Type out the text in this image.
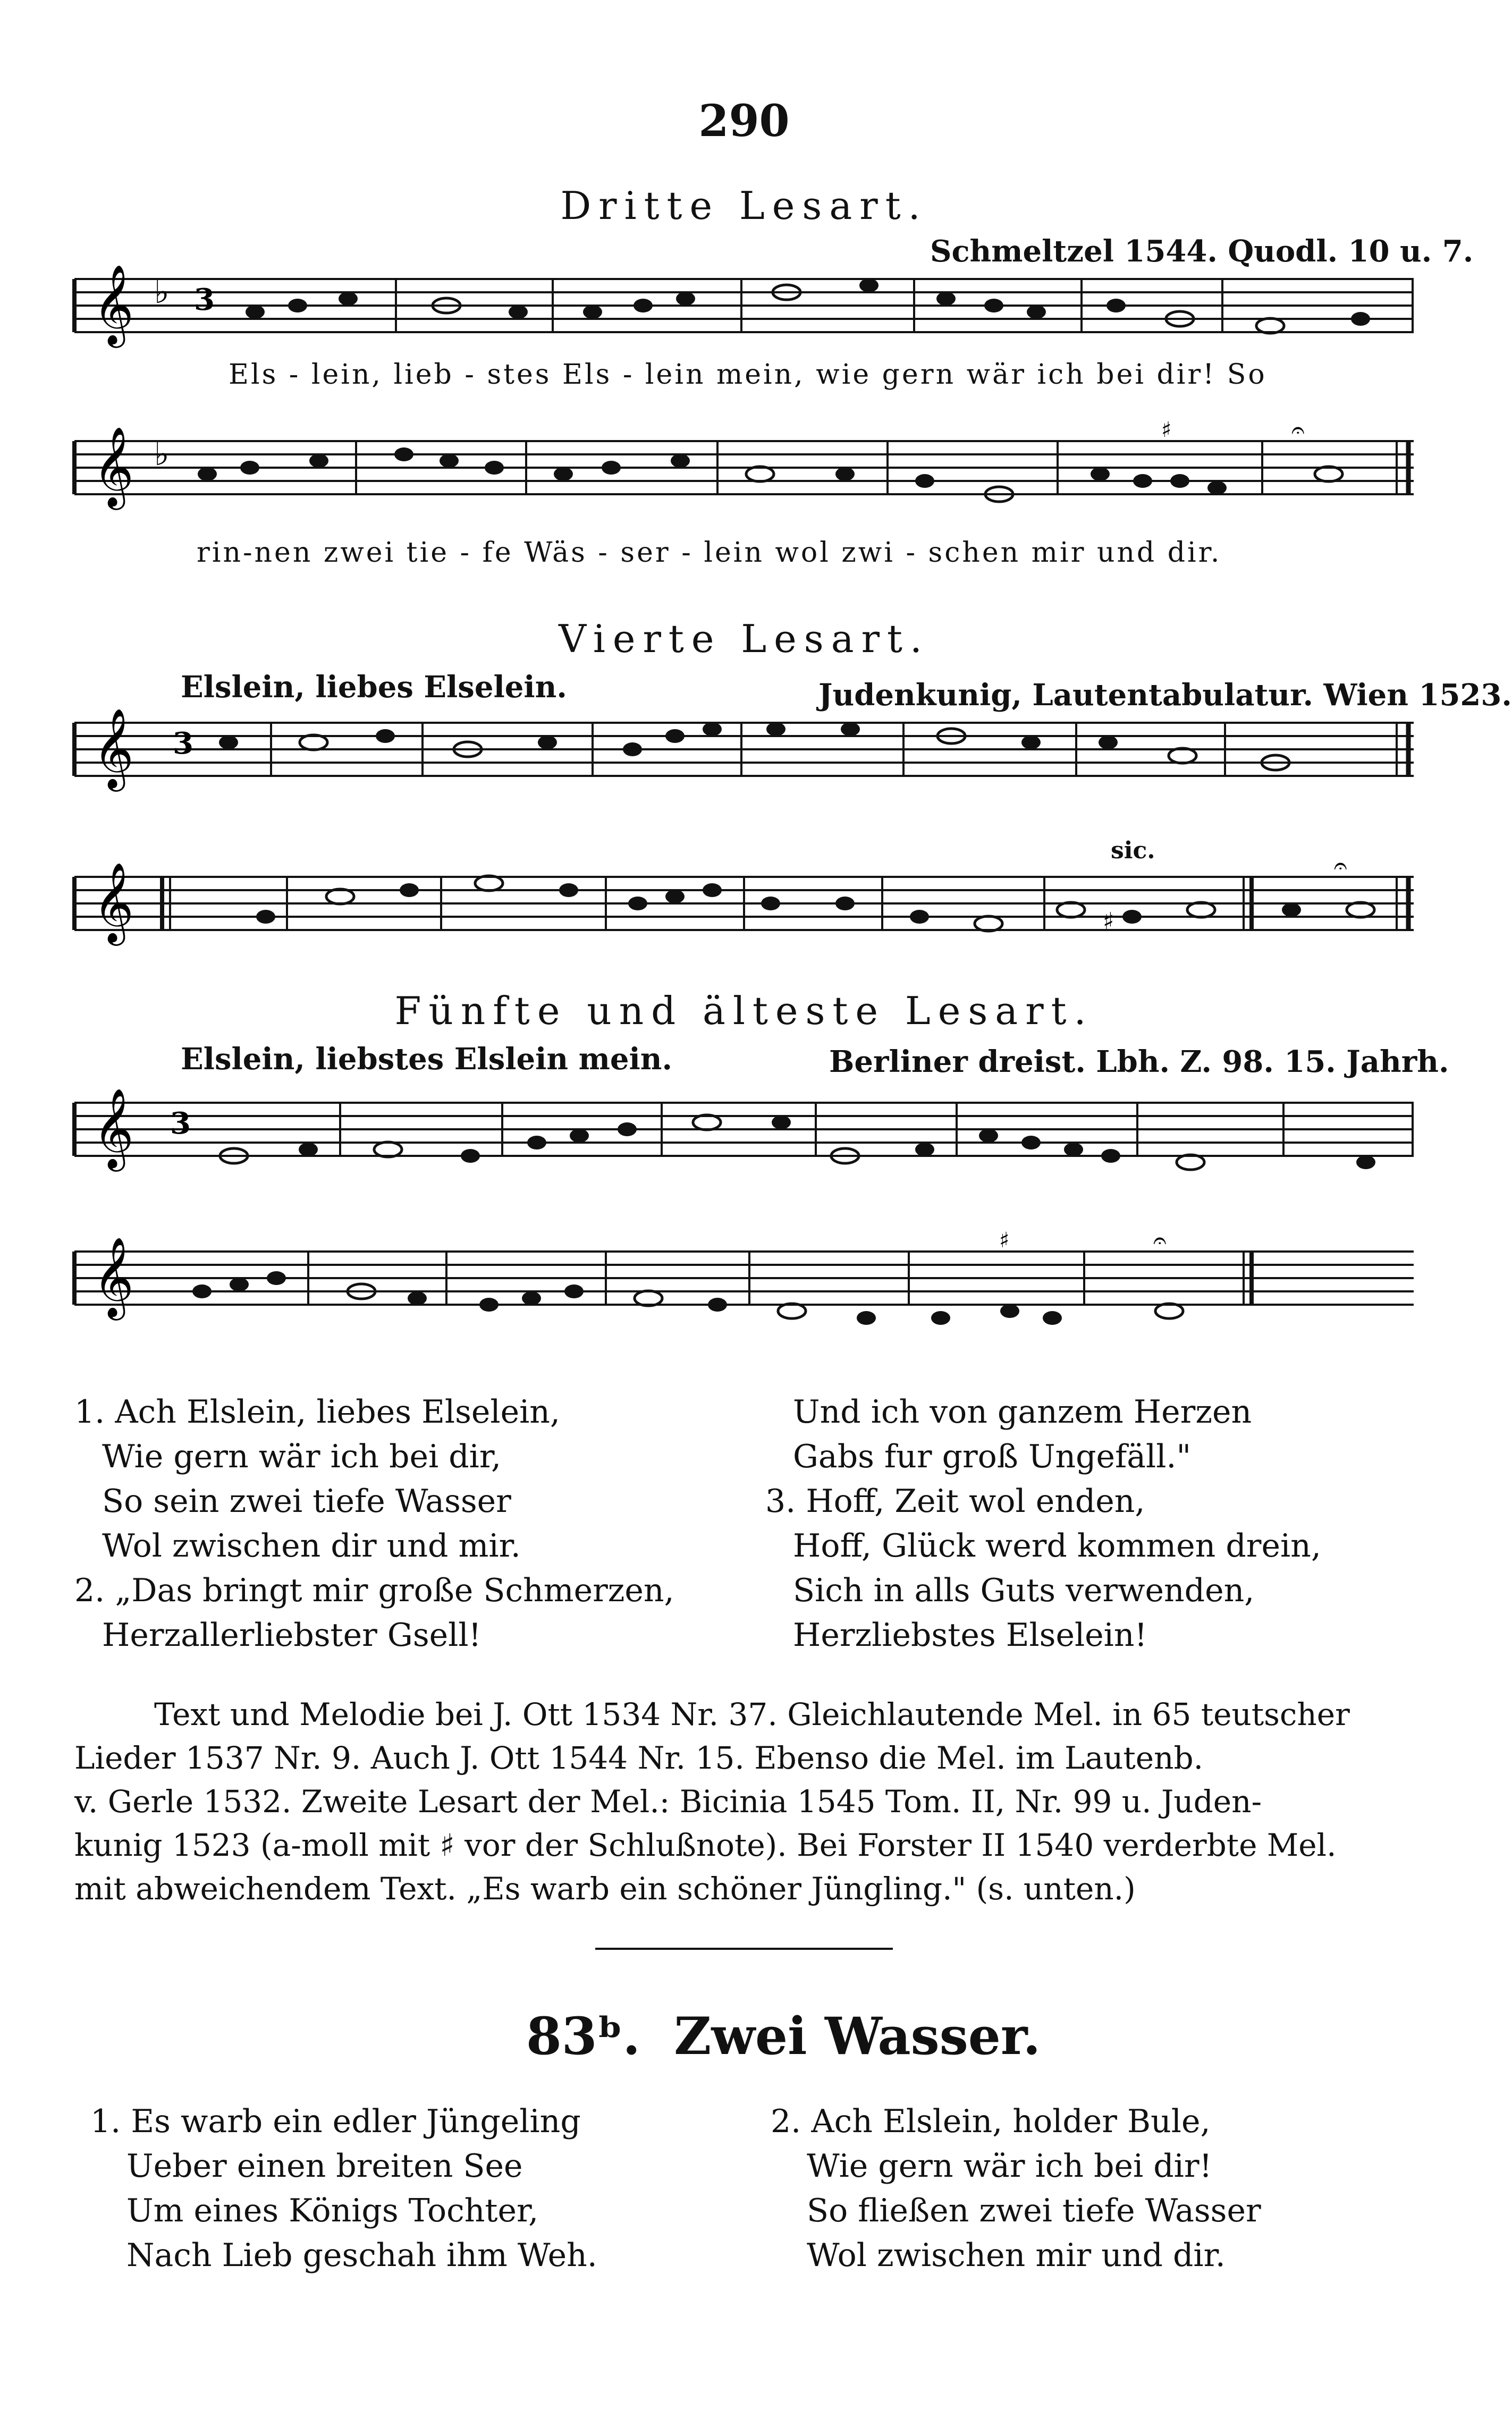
290
Dritte Lesart.
Schmeltzel 1544. Quodl. 10 u. 7.
𝄞 ♭ 3
Els - lein, lieb - stes Els - lein mein, wie gern wär ich bei dir! So
𝄞 ♭
♯	𝄐
rin-nen zwei tie - fe Wäs - ser - lein wol zwi - schen mir und dir.
Vierte Lesart.
Elslein, liebes Elselein.	Judenkunig, Lautentabulatur. Wien 1523.
𝄞 3
sic.
𝄞	𝄐
♯
Fünfte und älteste Lesart.
Elslein, liebstes Elslein mein.	Berliner dreist. Lbh. Z. 98. 15. Jahrh.
𝄞 3
𝄞	𝄐
♯
1. Ach Elslein, liebes Elselein,
Wie gern wär ich bei dir,
So sein zwei tiefe Wasser
Wol zwischen dir und mir.
2. „Das bringt mir große Schmerzen,
Herzallerliebster Gsell!
Und ich von ganzem Herzen
Gabs fur groß Ungefäll."
3. Hoff, Zeit wol enden,
Hoff, Glück werd kommen drein,
Sich in alls Guts verwenden,
Herzliebstes Elselein!
Text und Melodie bei J. Ott 1534 Nr. 37. Gleichlautende Mel. in 65 teutscher
Lieder 1537 Nr. 9. Auch J. Ott 1544 Nr. 15. Ebenso die Mel. im Lautenb.
v. Gerle 1532. Zweite Lesart der Mel.: Bicinia 1545 Tom. II, Nr. 99 u. Juden-
kunig 1523 (a-moll mit ♯ vor der Schlußnote). Bei Forster II 1540 verderbte Mel.
mit abweichendem Text. „Es warb ein schöner Jüngling." (s. unten.)
83ᵇ. Zwei Wasser.
1. Es warb ein edler Jüngeling
Ueber einen breiten See
Um eines Königs Tochter,
Nach Lieb geschah ihm Weh.
2. Ach Elslein, holder Bule,
Wie gern wär ich bei dir!
So fließen zwei tiefe Wasser
Wol zwischen mir und dir.
